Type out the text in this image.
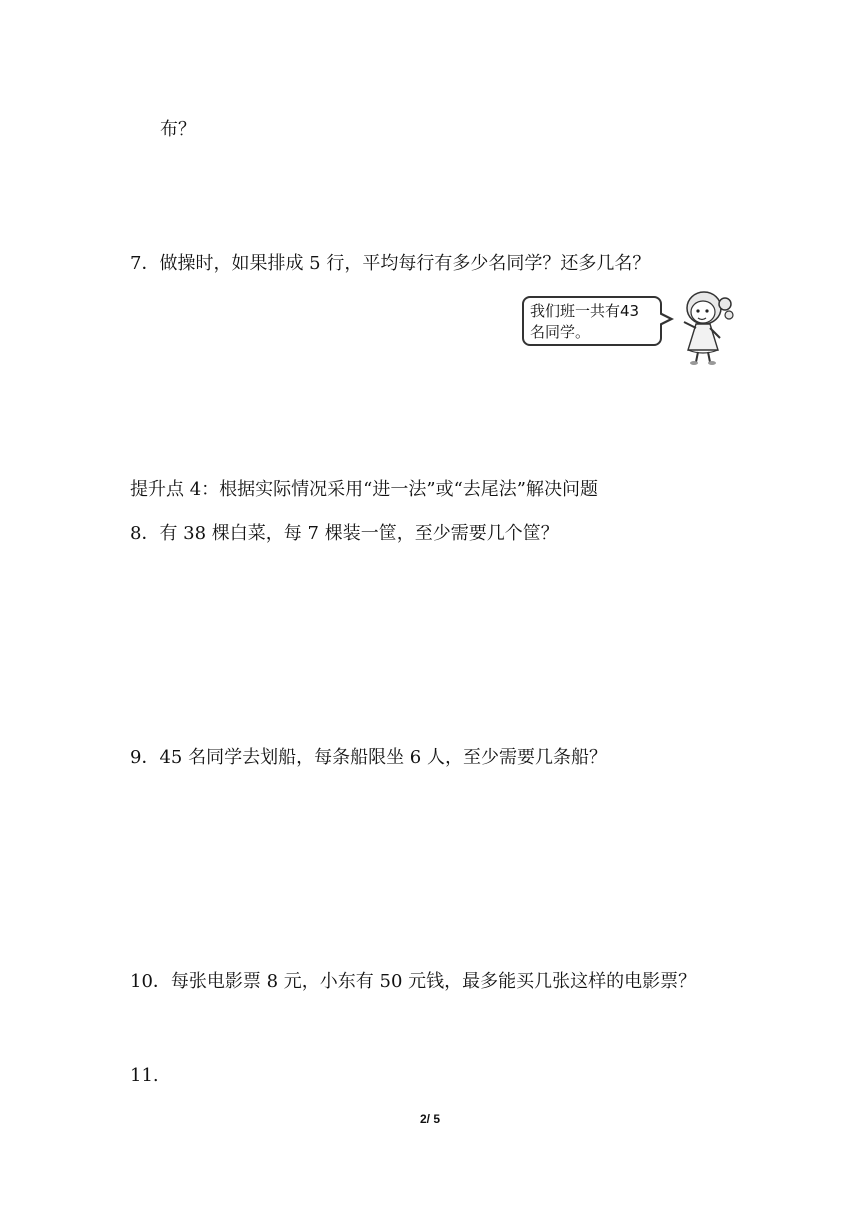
布？
7．做操时，如果排成 5 行，平均每行有多少名同学？还多几名？
我们班一共有43
名同学。
提升点 4：根据实际情况采用“进一法”或“去尾法”解决问题
8．有 38 棵白菜，每 7 棵装一筐，至少需要几个筐？
9．45 名同学去划船，每条船限坐 6 人，至少需要几条船？
10．每张电影票 8 元，小东有 50 元钱，最多能买几张这样的电影票？
11.
2/ 5
